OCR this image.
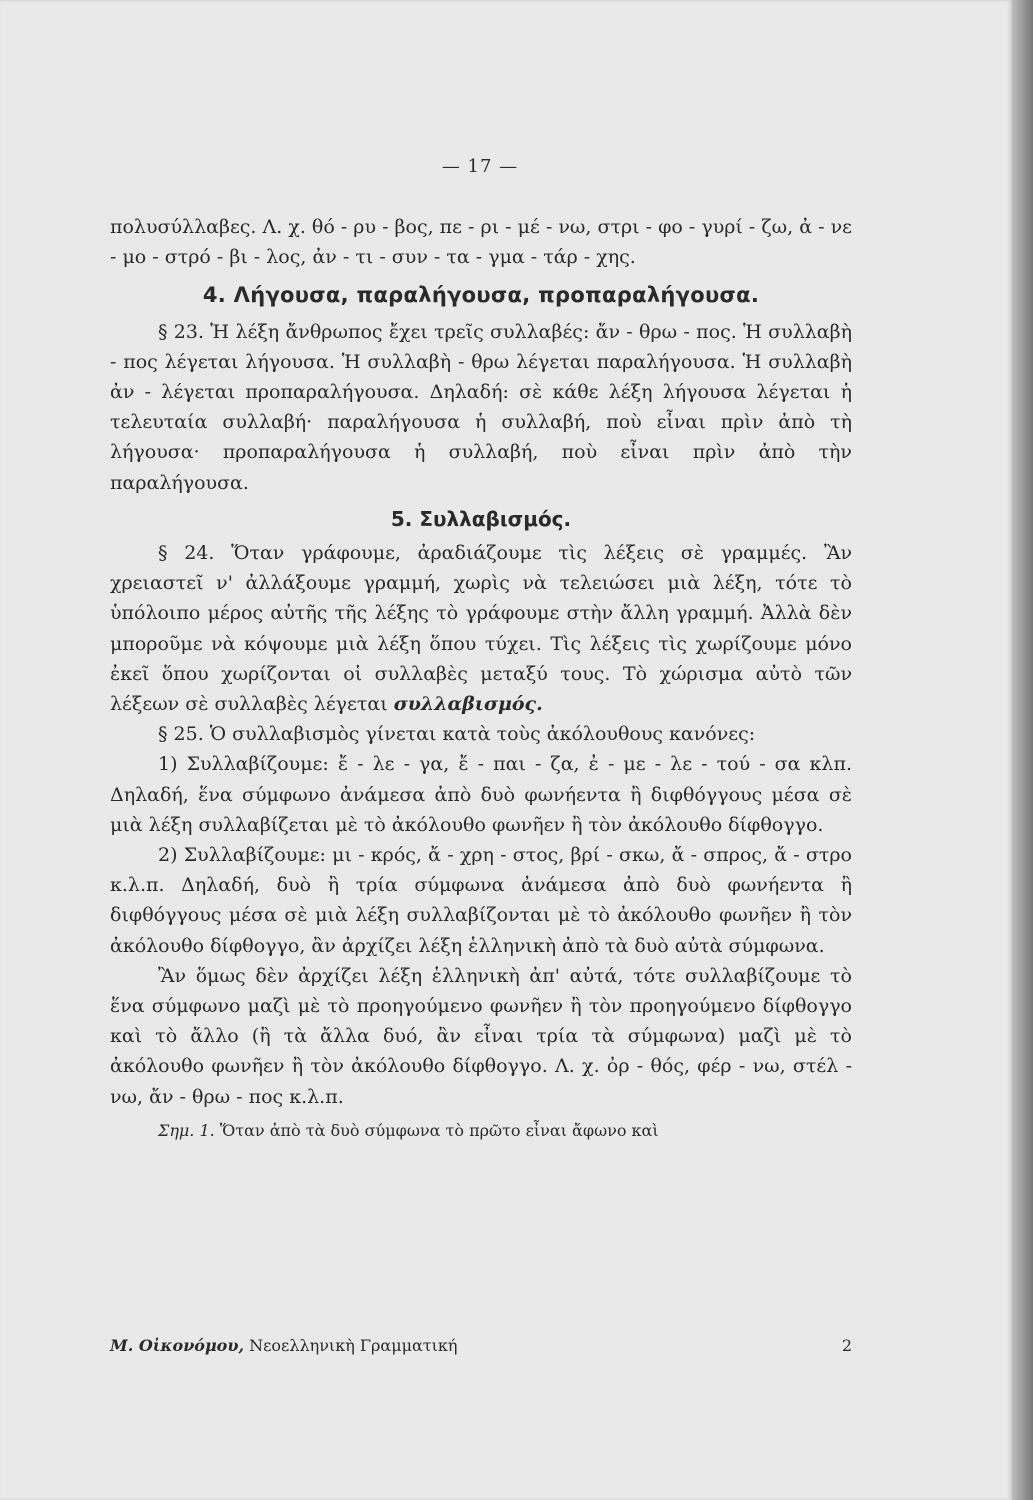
— 17 —

πολυσύλλαβες. Λ. χ. θό - ρυ - βος, πε - ρι - μέ - νω, στρι - φο - γυρί - ζω, ἀ - νε - μο - στρό - βι - λος, ἀν - τι - συν - τα - γμα - τάρ - χης.

4. Λήγουσα, παραλήγουσα, προπαραλήγουσα.

§ 23. Ἡ λέξη ἄνθρωπος ἔχει τρεῖς συλλαβές: ἄν - θρω - πος. Ἡ συλλαβὴ - πος λέγεται λήγουσα. Ἡ συλλαβὴ - θρω λέγεται παραλήγουσα. Ἡ συλλαβὴ ἀν - λέγεται προπαραλήγουσα. Δηλαδή: σὲ κάθε λέξη λήγουσα λέγεται ἡ τελευταία συλλαβή· παραλήγουσα ἡ συλλαβή, ποὺ εἶναι πρὶν ἀπὸ τὴ λήγουσα· προπαραλήγουσα ἡ συλλαβή, ποὺ εἶναι πρὶν ἀπὸ τὴν παραλήγουσα.

5. Συλλαβισμός.

§ 24. Ὅταν γράφουμε, ἀραδιάζουμε τὶς λέξεις σὲ γραμμές. Ἂν χρειαστεῖ ν' ἀλλάξουμε γραμμή, χωρὶς νὰ τελειώσει μιὰ λέξη, τότε τὸ ὑπόλοιπο μέρος αὐτῆς τῆς λέξης τὸ γράφουμε στὴν ἄλλη γραμμή. Ἀλλὰ δὲν μποροῦμε νὰ κόψουμε μιὰ λέξη ὅπου τύχει. Τὶς λέξεις τὶς χωρίζουμε μόνο ἐκεῖ ὅπου χωρίζονται οἱ συλλαβὲς μεταξύ τους. Τὸ χώρισμα αὐτὸ τῶν λέξεων σὲ συλλαβὲς λέγεται συλλαβισμός.

§ 25. Ὁ συλλαβισμὸς γίνεται κατὰ τοὺς ἀκόλουθους κανόνες:

1) Συλλαβίζουμε: ἔ - λε - γα, ἔ - παι - ζα, ἐ - με - λε - τού - σα κλπ. Δηλαδή, ἕνα σύμφωνο ἀνάμεσα ἀπὸ δυὸ φωνήεντα ἢ διφθόγγους μέσα σὲ μιὰ λέξη συλλαβίζεται μὲ τὸ ἀκόλουθο φωνῆεν ἢ τὸν ἀκόλουθο δίφθογγο.

2) Συλλαβίζουμε: μι - κρός, ἄ - χρη - στος, βρί - σκω, ἄ - σπρος, ἄ - στρο κ.λ.π. Δηλαδή, δυὸ ἢ τρία σύμφωνα ἀνάμεσα ἀπὸ δυὸ φωνήεντα ἢ διφθόγγους μέσα σὲ μιὰ λέξη συλλαβίζονται μὲ τὸ ἀκόλουθο φωνῆεν ἢ τὸν ἀκόλουθο δίφθογγο, ἂν ἀρχίζει λέξη ἑλληνικὴ ἀπὸ τὰ δυὸ αὐτὰ σύμφωνα.

Ἂν ὅμως δὲν ἀρχίζει λέξη ἑλληνικὴ ἀπ' αὐτά, τότε συλλαβίζουμε τὸ ἕνα σύμφωνο μαζὶ μὲ τὸ προηγούμενο φωνῆεν ἢ τὸν προηγούμενο δίφθογγο καὶ τὸ ἄλλο (ἢ τὰ ἄλλα δυό, ἂν εἶναι τρία τὰ σύμφωνα) μαζὶ μὲ τὸ ἀκόλουθο φωνῆεν ἢ τὸν ἀκόλουθο δίφθογγο. Λ. χ. ὀρ - θός, φέρ - νω, στέλ - νω, ἄν - θρω - πος κ.λ.π.

Σημ. 1. Ὅταν ἀπὸ τὰ δυὸ σύμφωνα τὸ πρῶτο εἶναι ἄφωνο καὶ

Μ. Οἰκονόμου, Νεοελληνικὴ Γραμματική	2
